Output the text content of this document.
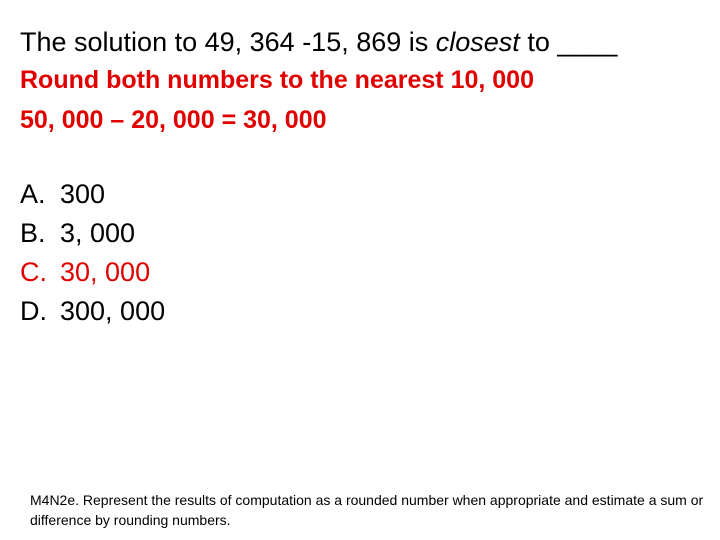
The solution to 49, 364 -15, 869 is closest to ____
Round both numbers to the nearest 10, 000
50, 000 – 20, 000 = 30, 000
A. 300
B. 3, 000
C. 30, 000
D. 300, 000
M4N2e. Represent the results of computation as a rounded number when appropriate and estimate a sum or difference by rounding numbers.
